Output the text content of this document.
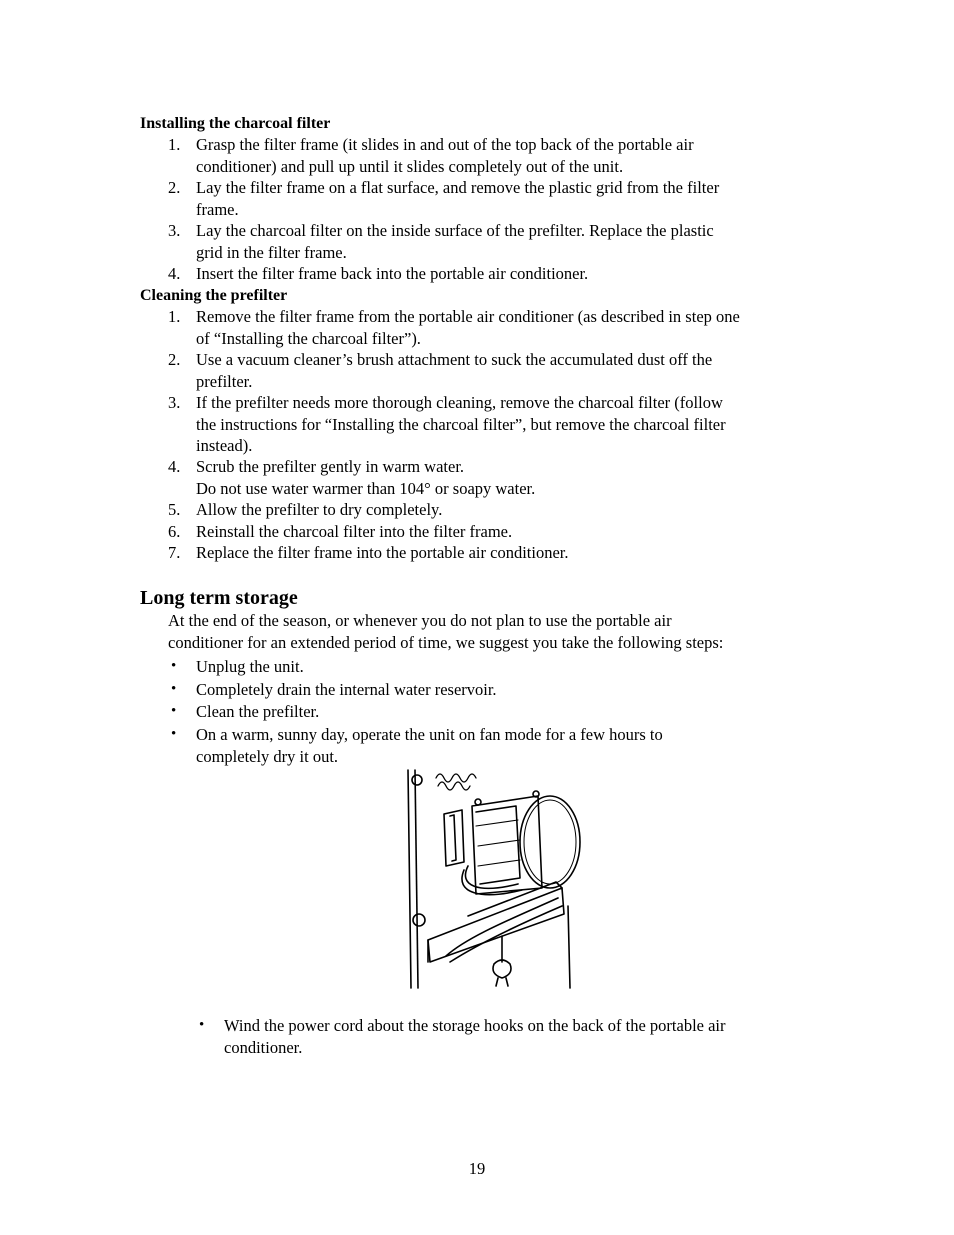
Installing the charcoal filter
1. Grasp the filter frame (it slides in and out of the top back of the portable air
conditioner) and pull up until it slides completely out of the unit.
2. Lay the filter frame on a flat surface, and remove the plastic grid from the filter
frame.
3. Lay the charcoal filter on the inside surface of the prefilter. Replace the plastic
grid in the filter frame.
4. Insert the filter frame back into the portable air conditioner.
Cleaning the prefilter
1. Remove the filter frame from the portable air conditioner (as described in step one
of “Installing the charcoal filter”).
2. Use a vacuum cleaner’s brush attachment to suck the accumulated dust off the
prefilter.
3. If the prefilter needs more thorough cleaning, remove the charcoal filter (follow
the instructions for “Installing the charcoal filter”, but remove the charcoal filter
instead).
4. Scrub the prefilter gently in warm water.
Do not use water warmer than 104° or soapy water.
5. Allow the prefilter to dry completely.
6. Reinstall the charcoal filter into the filter frame.
7. Replace the filter frame into the portable air conditioner.
Long term storage
At the end of the season, or whenever you do not plan to use the portable air
conditioner for an extended period of time, we suggest you take the following steps:
• Unplug the unit.
• Completely drain the internal water reservoir.
• Clean the prefilter.
• On a warm, sunny day, operate the unit on fan mode for a few hours to
completely dry it out.
• Wind the power cord about the storage hooks on the back of the portable air
conditioner.
19
